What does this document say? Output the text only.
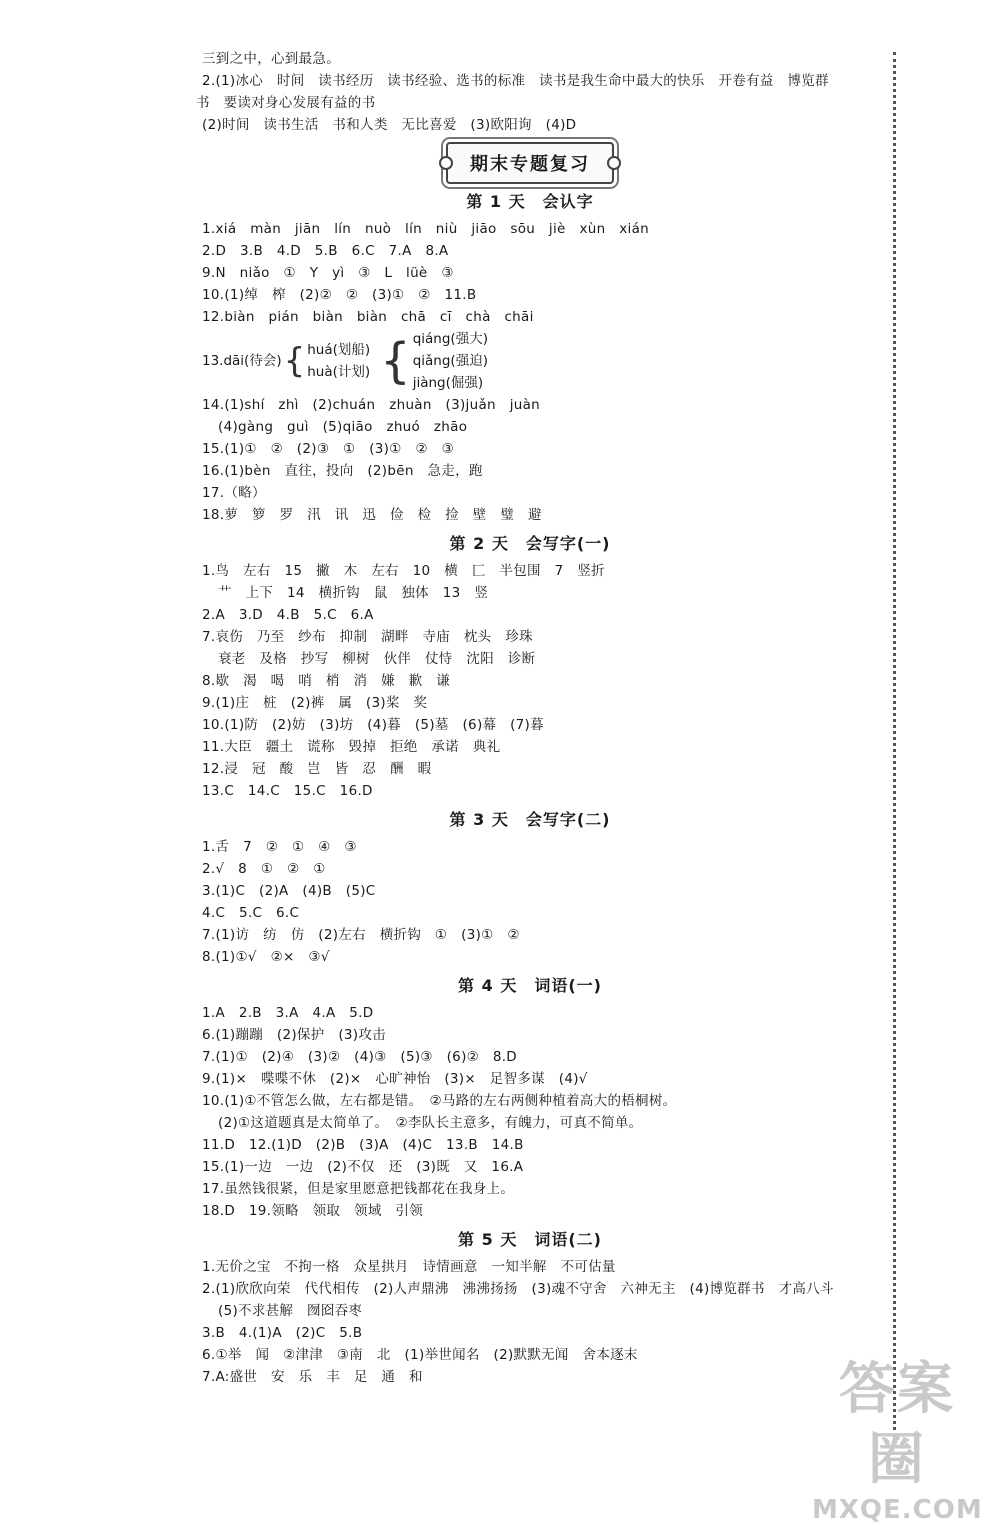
三到之中，心到最急。
2.(1)冰心　时间　读书经历　读书经验、选书的标准　读书是我生命中最大的快乐　开卷有益　博览群
书　要读对身心发展有益的书
(2)时间　读书生活　书和人类　无比喜爱　(3)欧阳询　(4)D
期末专题复习
第 1 天　会认字
1.xiá　màn　jiān　lín　nuò　lín　niù　jiāo　sōu　jiè　xùn　xián
2.D　3.B　4.D　5.B　6.C　7.A　8.A
9.N　niǎo　①　Y　yì　③　L　lüè　③
10.(1)绰　榨　(2)②　②　(3)①　②　11.B
12.biàn　pián　biàn　biàn　chā　cī　chà　chāi
13.dāi(待会) { huá(划船)
huà(计划) { qiáng(强大)
qiǎng(强迫)
jiàng(倔强)
14.(1)shí　zhì　(2)chuán　zhuàn　(3)juǎn　juàn
(4)gàng　guì　(5)qiāo　zhuó　zhāo
15.(1)①　②　(2)③　①　(3)①　②　③
16.(1)bèn　直往，投向　(2)bēn　急走，跑
17.（略）
18.萝　箩　罗　汛　讯　迅　俭　检　捡　壁　璧　避
第 2 天　会写字(一)
1.鸟　左右　15　撇　木　左右　10　横　匚　半包围　7　竖折
艹　上下　14　横折钩　鼠　独体　13　竖
2.A　3.D　4.B　5.C　6.A
7.哀伤　乃至　纱布　抑制　湖畔　寺庙　枕头　珍珠
衰老　及格　抄写　柳树　伙伴　仗恃　沈阳　诊断
8.歇　渴　喝　哨　梢　消　嫌　歉　谦
9.(1)庄　桩　(2)裤　属　(3)桨　奖
10.(1)防　(2)妨　(3)坊　(4)暮　(5)墓　(6)幕　(7)暮
11.大臣　疆土　谎称　毁掉　拒绝　承诺　典礼
12.浸　冠　酸　岂　皆　忍　酬　暇
13.C　14.C　15.C　16.D
第 3 天　会写字(二)
1.舌　7　②　①　④　③
2.√　8　①　②　①
3.(1)C　(2)A　(4)B　(5)C
4.C　5.C　6.C
7.(1)访　纺　仿　(2)左右　横折钩　①　(3)①　②
8.(1)①√　②×　③√
第 4 天　词语(一)
1.A　2.B　3.A　4.A　5.D
6.(1)蹦蹦　(2)保护　(3)攻击
7.(1)①　(2)④　(3)②　(4)③　(5)③　(6)②　8.D
9.(1)×　喋喋不休　(2)×　心旷神怡　(3)×　足智多谋　(4)√
10.(1)①不管怎么做，左右都是错。　②马路的左右两侧种植着高大的梧桐树。
(2)①这道题真是太简单了。　②李队长主意多，有魄力，可真不简单。
11.D　12.(1)D　(2)B　(3)A　(4)C　13.B　14.B
15.(1)一边　一边　(2)不仅　还　(3)既　又　16.A
17.虽然钱很紧，但是家里愿意把钱都花在我身上。
18.D　19.领略　领取　领域　引领
第 5 天　词语(二)
1.无价之宝　不拘一格　众星拱月　诗情画意　一知半解　不可估量
2.(1)欣欣向荣　代代相传　(2)人声鼎沸　沸沸扬扬　(3)魂不守舍　六神无主　(4)博览群书　才高八斗
(5)不求甚解　囫囵吞枣
3.B　4.(1)A　(2)C　5.B
6.①举　闻　②津津　③南　北　(1)举世闻名　(2)默默无闻　舍本逐末
7.A:盛世　安　乐　丰　足　通　和	答案圈
MXQE.COM
